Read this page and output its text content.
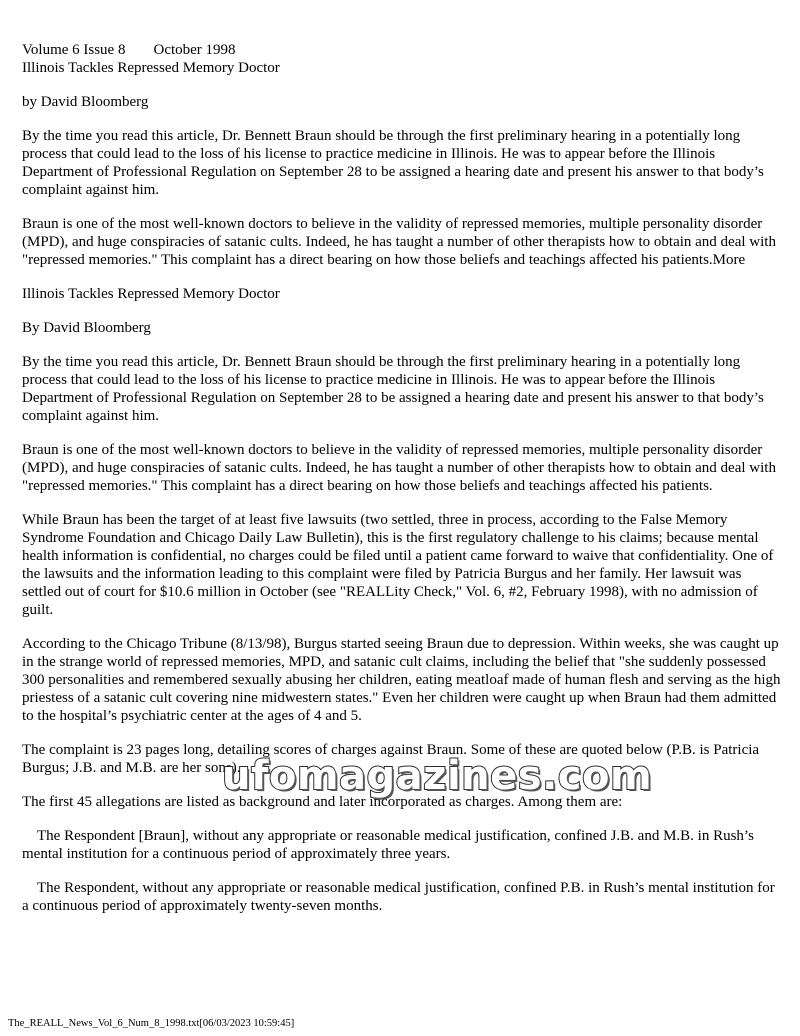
Volume 6 Issue 8 October 1998
Illinois Tackles Repressed Memory Doctor

by David Bloomberg

By the time you read this article, Dr. Bennett Braun should be through the first preliminary hearing in a potentially long process that could lead to the loss of his license to practice medicine in Illinois. He was to appear before the Illinois Department of Professional Regulation on September 28 to be assigned a hearing date and present his answer to that body’s complaint against him.

Braun is one of the most well-known doctors to believe in the validity of repressed memories, multiple personality disorder (MPD), and huge conspiracies of satanic cults. Indeed, he has taught a number of other therapists how to obtain and deal with "repressed memories." This complaint has a direct bearing on how those beliefs and teachings affected his patients.More

Illinois Tackles Repressed Memory Doctor

By David Bloomberg

By the time you read this article, Dr. Bennett Braun should be through the first preliminary hearing in a potentially long process that could lead to the loss of his license to practice medicine in Illinois. He was to appear before the Illinois Department of Professional Regulation on September 28 to be assigned a hearing date and present his answer to that body’s complaint against him.

Braun is one of the most well-known doctors to believe in the validity of repressed memories, multiple personality disorder (MPD), and huge conspiracies of satanic cults. Indeed, he has taught a number of other therapists how to obtain and deal with "repressed memories." This complaint has a direct bearing on how those beliefs and teachings affected his patients.

While Braun has been the target of at least five lawsuits (two settled, three in process, according to the False Memory Syndrome Foundation and Chicago Daily Law Bulletin), this is the first regulatory challenge to his claims; because mental health information is confidential, no charges could be filed until a patient came forward to waive that confidentiality. One of the lawsuits and the information leading to this complaint were filed by Patricia Burgus and her family. Her lawsuit was settled out of court for $10.6 million in October (see "REALLity Check," Vol. 6, #2, February 1998), with no admission of guilt.

According to the Chicago Tribune (8/13/98), Burgus started seeing Braun due to depression. Within weeks, she was caught up in the strange world of repressed memories, MPD, and satanic cult claims, including the belief that "she suddenly possessed 300 personalities and remembered sexually abusing her children, eating meatloaf made of human flesh and serving as the high priestess of a satanic cult covering nine midwestern states." Even her children were caught up when Braun had them admitted to the hospital’s psychiatric center at the ages of 4 and 5.

The complaint is 23 pages long, detailing scores of charges against Braun. Some of these are quoted below (P.B. is Patricia Burgus; J.B. and M.B. are her sons).

The first 45 allegations are listed as background and later incorporated as charges. Among them are:

The Respondent [Braun], without any appropriate or reasonable medical justification, confined J.B. and M.B. in Rush’s mental institution for a continuous period of approximately three years.

The Respondent, without any appropriate or reasonable medical justification, confined P.B. in Rush’s mental institution for a continuous period of approximately twenty-seven months.

ufomagazines.com
The_REALL_News_Vol_6_Num_8_1998.txt[06/03/2023 10:59:45]
